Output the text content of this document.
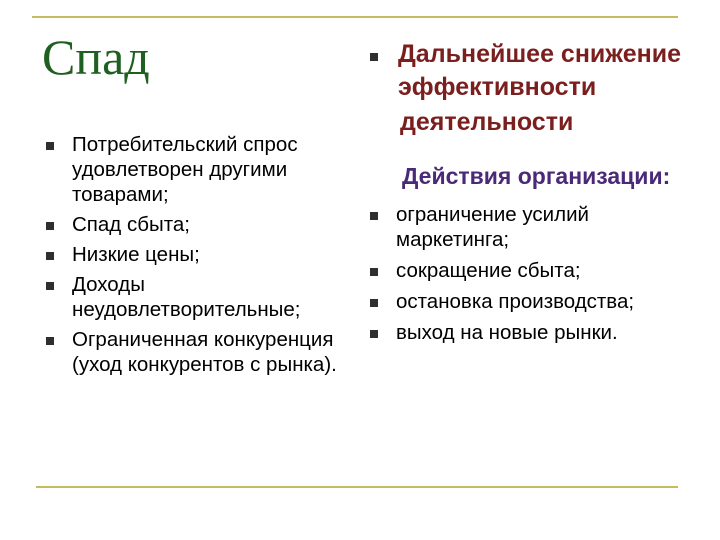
Спад
Потребительский спрос удовлетворен другими товарами;
Спад сбыта;
Низкие цены;
Доходы неудовлетворительные;
Ограниченная конкуренция (уход конкурентов с рынка).
Дальнейшее снижение эффективности
деятельности
Действия организации:
ограничение усилий маркетинга;
сокращение сбыта;
остановка производства;
выход на новые рынки.
